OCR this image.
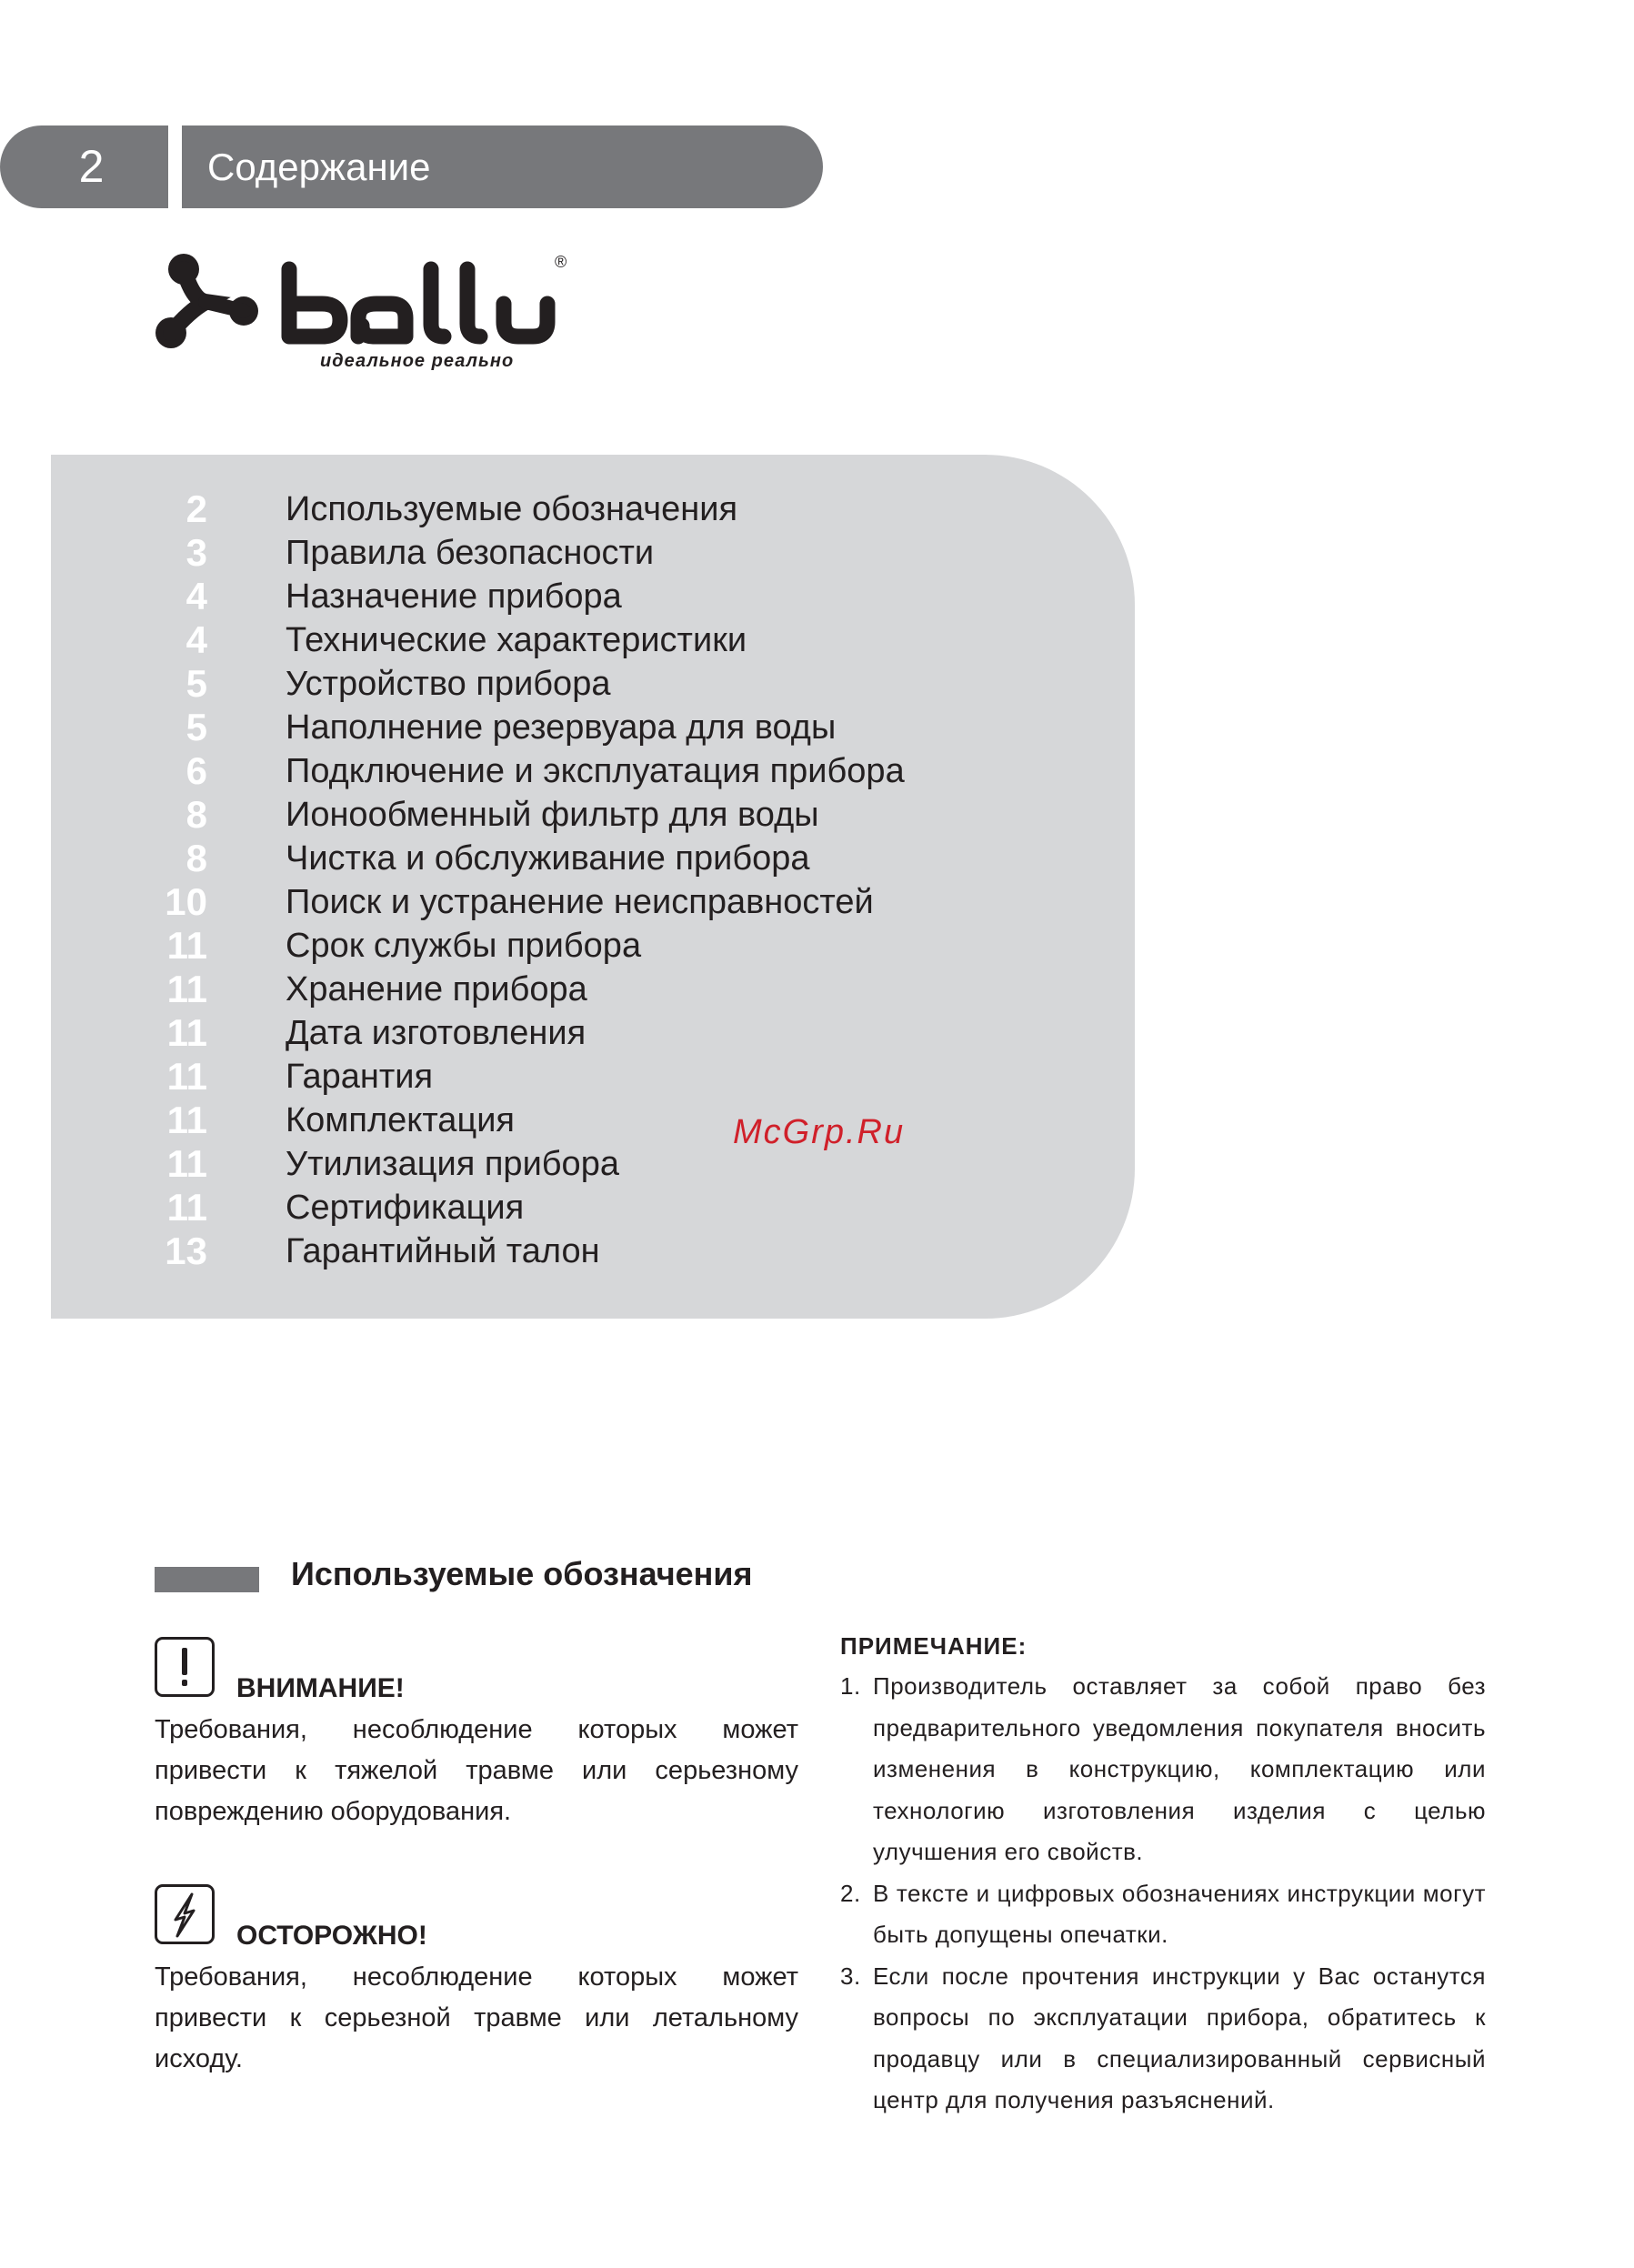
2	Содержание
®
идеальное реально
2 Используемые обозначения
3 Правила безопасности
4 Назначение прибора
4 Технические характеристики
5 Устройство прибора
5 Наполнение резервуара для воды
6 Подключение и эксплуатация прибора
8 Ионообменный фильтр для воды
8 Чистка и обслуживание прибора
10 Поиск и устранение неисправностей
11 Срок службы прибора
11 Хранение прибора
11 Дата изготовления
11 Гарантия
11 Комплектация
11 Утилизация прибора
11 Сертификация
13 Гарантийный талон
McGrp.Ru
Используемые обозначения
ВНИМАНИЕ!
Требования, несоблюдение которых может привести к тяжелой травме или серьезному повреждению оборудования.
ОСТОРОЖНО!
Требования, несоблюдение которых может привести к серьезной травме или летальному исходу.
ПРИМЕЧАНИЕ:
1. Производитель оставляет за собой право без предварительного уведомления покупателя вносить изменения в конструкцию, комплектацию или технологию изготовления изделия с целью улучшения его свойств.
2. В тексте и цифровых обозначениях инструкции могут быть допущены опечатки.
3. Если после прочтения инструкции у Вас останутся вопросы по эксплуатации прибора, обратитесь к продавцу или в специализированный сервисный центр для получения разъяснений.
